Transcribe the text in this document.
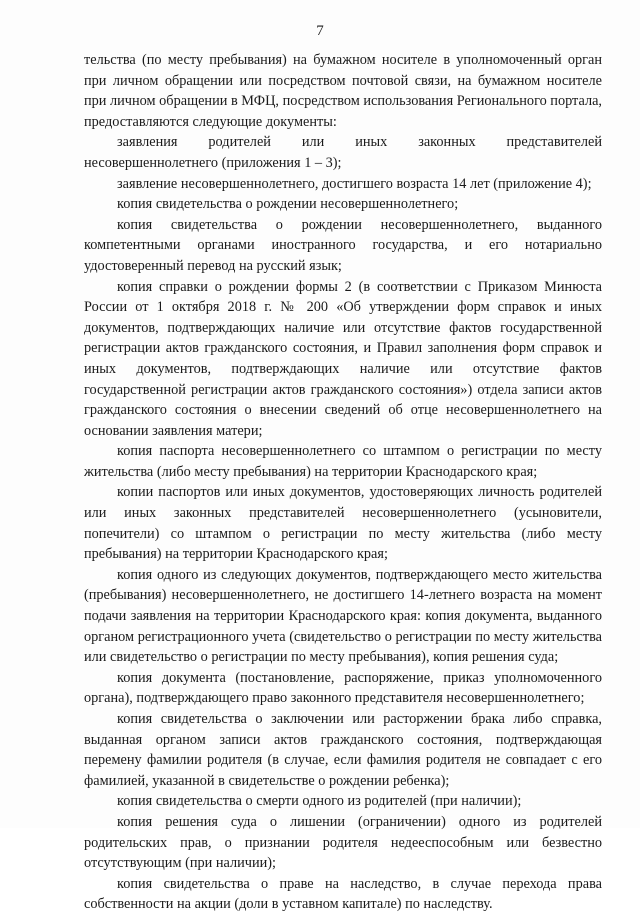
7

тельства (по месту пребывания) на бумажном носителе в уполномоченный орган при личном обращении или посредством почтовой связи, на бумажном носителе при личном обращении в МФЦ, посредством использования Регионального портала, предоставляются следующие документы:

заявления родителей или иных законных представителей несовершеннолетнего (приложения 1 – 3);

заявление несовершеннолетнего, достигшего возраста 14 лет (приложение 4);

копия свидетельства о рождении несовершеннолетнего;

копия свидетельства о рождении несовершеннолетнего, выданного компетентными органами иностранного государства, и его нотариально удостоверенный перевод на русский язык;

копия справки о рождении формы 2 (в соответствии с Приказом Минюста России от 1 октября 2018 г. № 200 «Об утверждении форм справок и иных документов, подтверждающих наличие или отсутствие фактов государственной регистрации актов гражданского состояния, и Правил заполнения форм справок и иных документов, подтверждающих наличие или отсутствие фактов государственной регистрации актов гражданского состояния») отдела записи актов гражданского состояния о внесении сведений об отце несовершеннолетнего на основании заявления матери;

копия паспорта несовершеннолетнего со штампом о регистрации по месту жительства (либо месту пребывания) на территории Краснодарского края;

копии паспортов или иных документов, удостоверяющих личность родителей или иных законных представителей несовершеннолетнего (усыновители, попечители) со штампом о регистрации по месту жительства (либо месту пребывания) на территории Краснодарского края;

копия одного из следующих документов, подтверждающего место жительства (пребывания) несовершеннолетнего, не достигшего 14-летнего возраста на момент подачи заявления на территории Краснодарского края: копия документа, выданного органом регистрационного учета (свидетельство о регистрации по месту жительства или свидетельство о регистрации по месту пребывания), копия решения суда;

копия документа (постановление, распоряжение, приказ уполномоченного органа), подтверждающего право законного представителя несовершеннолетнего;

копия свидетельства о заключении или расторжении брака либо справка, выданная органом записи актов гражданского состояния, подтверждающая перемену фамилии родителя (в случае, если фамилия родителя не совпадает с его фамилией, указанной в свидетельстве о рождении ребенка);

копия свидетельства о смерти одного из родителей (при наличии);

копия решения суда о лишении (ограничении) одного из родителей родительских прав, о признании родителя недееспособным или безвестно отсутствующим (при наличии);

копия свидетельства о праве на наследство, в случае перехода права собственности на акции (доли в уставном капитале) по наследству.
